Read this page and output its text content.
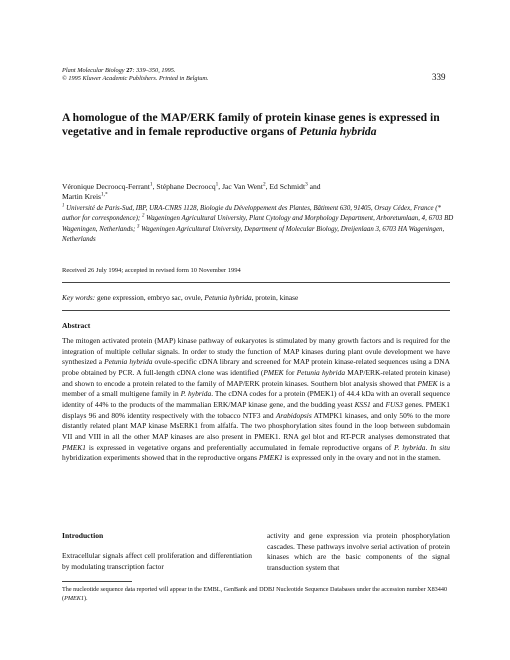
Plant Molecular Biology 27: 339–350, 1995.
© 1995 Kluwer Academic Publishers. Printed in Belgium.	339
A homologue of the MAP/ERK family of protein kinase genes is expressed in vegetative and in female reproductive organs of Petunia hybrida
Véronique Decroocq-Ferrant$^1$, Stéphane Decroocq$^1$, Jac Van Went$^2$, Ed Schmidt$^3$ and
Martin Kreis$^{1,*}$
$^1$ Université de Paris-Sud, IBP, URA-CNRS 1128, Biologie du Développement des Plantes, Bâtiment 630, 91405, Orsay Cédex, France (* author for correspondence); $^2$ Wageningen Agricultural University, Plant Cytology and Morphology Department, Arboretumlaan, 4, 6703 BD Wageningen, Netherlands; $^3$ Wageningen Agricultural University, Department of Molecular Biology, Dreijenlaan 3, 6703 HA Wageningen, Netherlands
Received 26 July 1994; accepted in revised form 10 November 1994
Key words: gene expression, embryo sac, ovule, Petunia hybrida, protein, kinase
Abstract
The mitogen activated protein (MAP) kinase pathway of eukaryotes is stimulated by many growth factors and is required for the integration of multiple cellular signals. In order to study the function of MAP kinases during plant ovule development we have synthesized a Petunia hybrida ovule-specific cDNA library and screened for MAP protein kinase-related sequences using a DNA probe obtained by PCR. A full-length cDNA clone was identified (PMEK for Petunia hybrida MAP/ERK-related protein kinase) and shown to encode a protein related to the family of MAP/ERK protein kinases. Southern blot analysis showed that PMEK is a member of a small multigene family in P. hybrida. The cDNA codes for a protein (PMEK1) of 44.4 kDa with an overall sequence identity of 44% to the products of the mammalian ERK/MAP kinase gene, and the budding yeast KSS1 and FUS3 genes. PMEK1 displays 96 and 80% identity respectively with the tobacco NTF3 and Arabidopsis ATMPK1 kinases, and only 50% to the more distantly related plant MAP kinase MsERK1 from alfalfa. The two phosphorylation sites found in the loop between subdomain VII and VIII in all the other MAP kinases are also present in PMEK1. RNA gel blot and RT-PCR analyses demonstrated that PMEK1 is expressed in vegetative organs and preferentially accumulated in female reproductive organs of P. hybrida. In situ hybridization experiments showed that in the reproductive organs PMEK1 is expressed only in the ovary and not in the stamen.
Introduction
Extracellular signals affect cell proliferation and differentiation by modulating transcription factor
activity and gene expression via protein phosphorylation cascades. These pathways involve serial activation of protein kinases which are the basic components of the signal transduction system that
The nucleotide sequence data reported will appear in the EMBL, GenBank and DDBJ Nucleotide Sequence Databases under the accession number X83440 (PMEK1).
